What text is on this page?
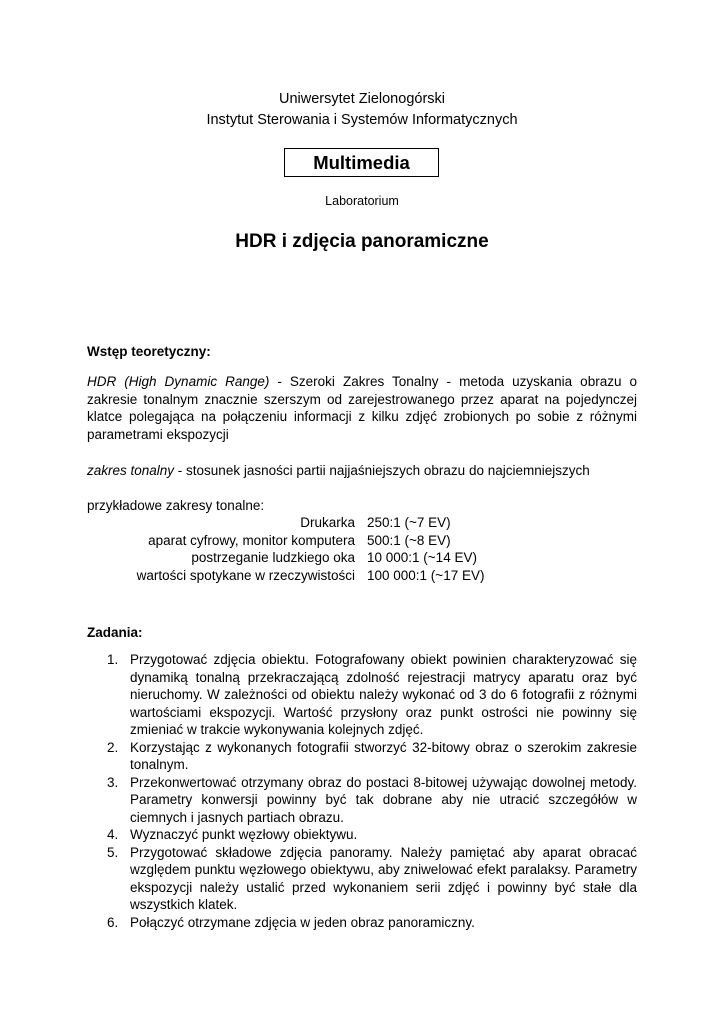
Uniwersytet Zielonogórski
Instytut Sterowania i Systemów Informatycznych
Multimedia
Laboratorium
HDR i zdjęcia panoramiczne
Wstęp teoretyczny:
HDR (High Dynamic Range) - Szeroki Zakres Tonalny - metoda uzyskania obrazu o zakresie tonalnym znacznie szerszym od zarejestrowanego przez aparat na pojedynczej klatce polegająca na połączeniu informacji z kilku zdjęć zrobionych po sobie z różnymi parametrami ekspozycji
zakres tonalny - stosunek jasności partii najjaśniejszych obrazu do najciemniejszych
przykładowe zakresy tonalne:
Drukarka	250:1 (~7 EV)
aparat cyfrowy, monitor komputera	500:1 (~8 EV)
postrzeganie ludzkiego oka	10 000:1 (~14 EV)
wartości spotykane w rzeczywistości	100 000:1 (~17 EV)
Zadania:
1. Przygotować zdjęcia obiektu. Fotografowany obiekt powinien charakteryzować się dynamiką tonalną przekraczającą zdolność rejestracji matrycy aparatu oraz być nieruchomy. W zależności od obiektu należy wykonać od 3 do 6 fotografii z różnymi wartościami ekspozycji. Wartość przysłony oraz punkt ostrości nie powinny się zmieniać w trakcie wykonywania kolejnych zdjęć.
2. Korzystając z wykonanych fotografii stworzyć 32-bitowy obraz o szerokim zakresie tonalnym.
3. Przekonwertować otrzymany obraz do postaci 8-bitowej używając dowolnej metody. Parametry konwersji powinny być tak dobrane aby nie utracić szczegółów w ciemnych i jasnych partiach obrazu.
4. Wyznaczyć punkt węzłowy obiektywu.
5. Przygotować składowe zdjęcia panoramy. Należy pamiętać aby aparat obracać względem punktu węzłowego obiektywu, aby zniwelować efekt paralaksy. Parametry ekspozycji należy ustalić przed wykonaniem serii zdjęć i powinny być stałe dla wszystkich klatek.
6. Połączyć otrzymane zdjęcia w jeden obraz panoramiczny.
